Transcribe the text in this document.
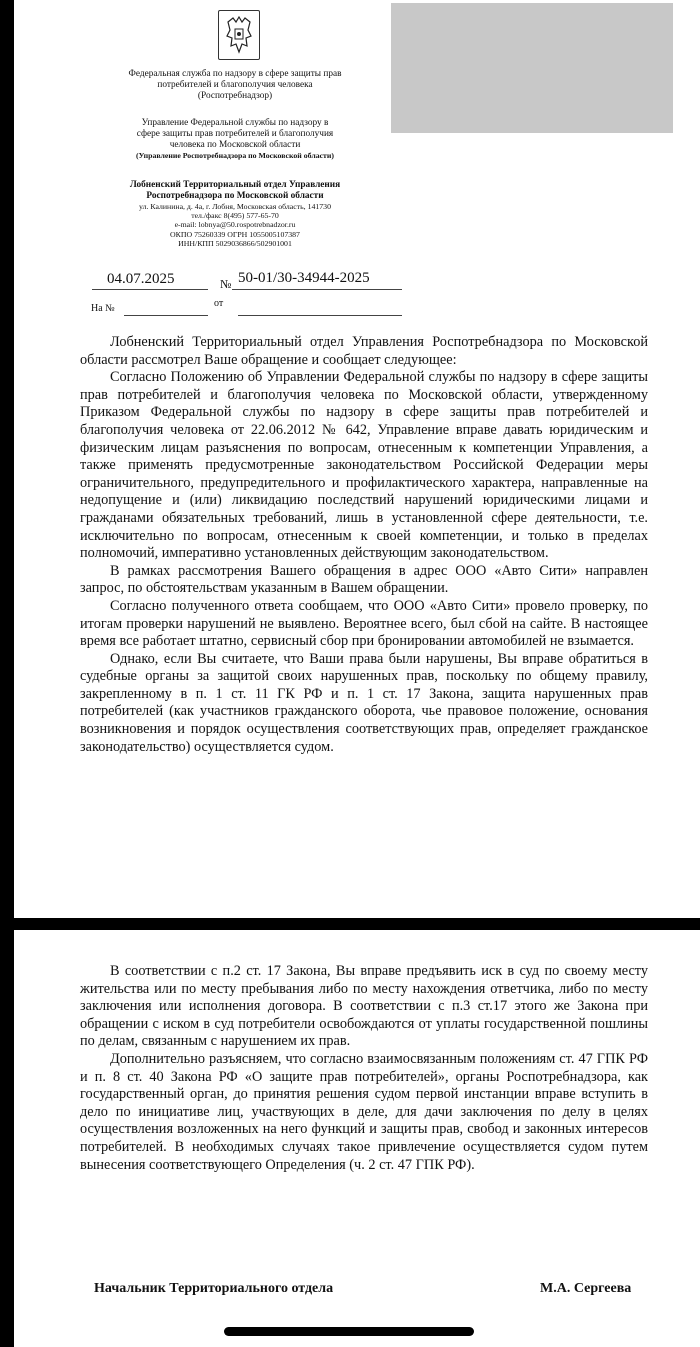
Федеральная служба по надзору в сфере защиты прав
потребителей и благополучия человека
(Роспотребнадзор)
Управление Федеральной службы по надзору в
сфере защиты прав потребителей и благополучия
человека по Московской области
(Управление Роспотребнадзора по Московской области)
Лобненский Территориальный отдел Управления
Роспотребнадзора по Московской области
ул. Калинина, д. 4а, г. Лобня, Московская область, 141730
тел./факс 8(495) 577-65-70
e-mail: lobnya@50.rospotrebnadzor.ru
ОКПО 75260339 ОГРН 1055005107387
ИНН/КПП 5029036866/502901001
04.07.2025	№ 50-01/30-34944-2025
На №	от

Лобненский Территориальный отдел Управления Роспотребнадзора по Московской области рассмотрел Ваше обращение и сообщает следующее:

Согласно Положению об Управлении Федеральной службы по надзору в сфере защиты прав потребителей и благополучия человека по Московской области, утвержденному Приказом Федеральной службы по надзору в сфере защиты прав потребителей и благополучия человека от 22.06.2012 № 642, Управление вправе давать юридическим и физическим лицам разъяснения по вопросам, отнесенным к компетенции Управления, а также применять предусмотренные законодательством Российской Федерации меры ограничительного, предупредительного и профилактического характера, направленные на недопущение и (или) ликвидацию последствий нарушений юридическими лицами и гражданами обязательных требований, лишь в установленной сфере деятельности, т.е. исключительно по вопросам, отнесенным к своей компетенции, и только в пределах полномочий, императивно установленных действующим законодательством.

В рамках рассмотрения Вашего обращения в адрес ООО «Авто Сити» направлен запрос, по обстоятельствам указанным в Вашем обращении.

Согласно полученного ответа сообщаем, что ООО «Авто Сити» провело проверку, по итогам проверки нарушений не выявлено. Вероятнее всего, был сбой на сайте. В настоящее время все работает штатно, сервисный сбор при бронировании автомобилей не взымается.

Однако, если Вы считаете, что Ваши права были нарушены, Вы вправе обратиться в судебные органы за защитой своих нарушенных прав, поскольку по общему правилу, закрепленному в п. 1 ст. 11 ГК РФ и п. 1 ст. 17 Закона, защита нарушенных прав потребителей (как участников гражданского оборота, чье правовое положение, основания возникновения и порядок осуществления соответствующих прав, определяет гражданское законодательство) осуществляется судом.

В соответствии с п.2 ст. 17 Закона, Вы вправе предъявить иск в суд по своему месту жительства или по месту пребывания либо по месту нахождения ответчика, либо по месту заключения или исполнения договора. В соответствии с п.3 ст.17 этого же Закона при обращении с иском в суд потребители освобождаются от уплаты государственной пошлины по делам, связанным с нарушением их прав.

Дополнительно разъясняем, что согласно взаимосвязанным положениям ст. 47 ГПК РФ и п. 8 ст. 40 Закона РФ «О защите прав потребителей», органы Роспотребнадзора, как государственный орган, до принятия решения судом первой инстанции вправе вступить в дело по инициативе лиц, участвующих в деле, для дачи заключения по делу в целях осуществления возложенных на него функций и защиты прав, свобод и законных интересов потребителей. В необходимых случаях такое привлечение осуществляется судом путем вынесения соответствующего Определения (ч. 2 ст. 47 ГПК РФ).

Начальник Территориального отдела	М.А. Сергеева
